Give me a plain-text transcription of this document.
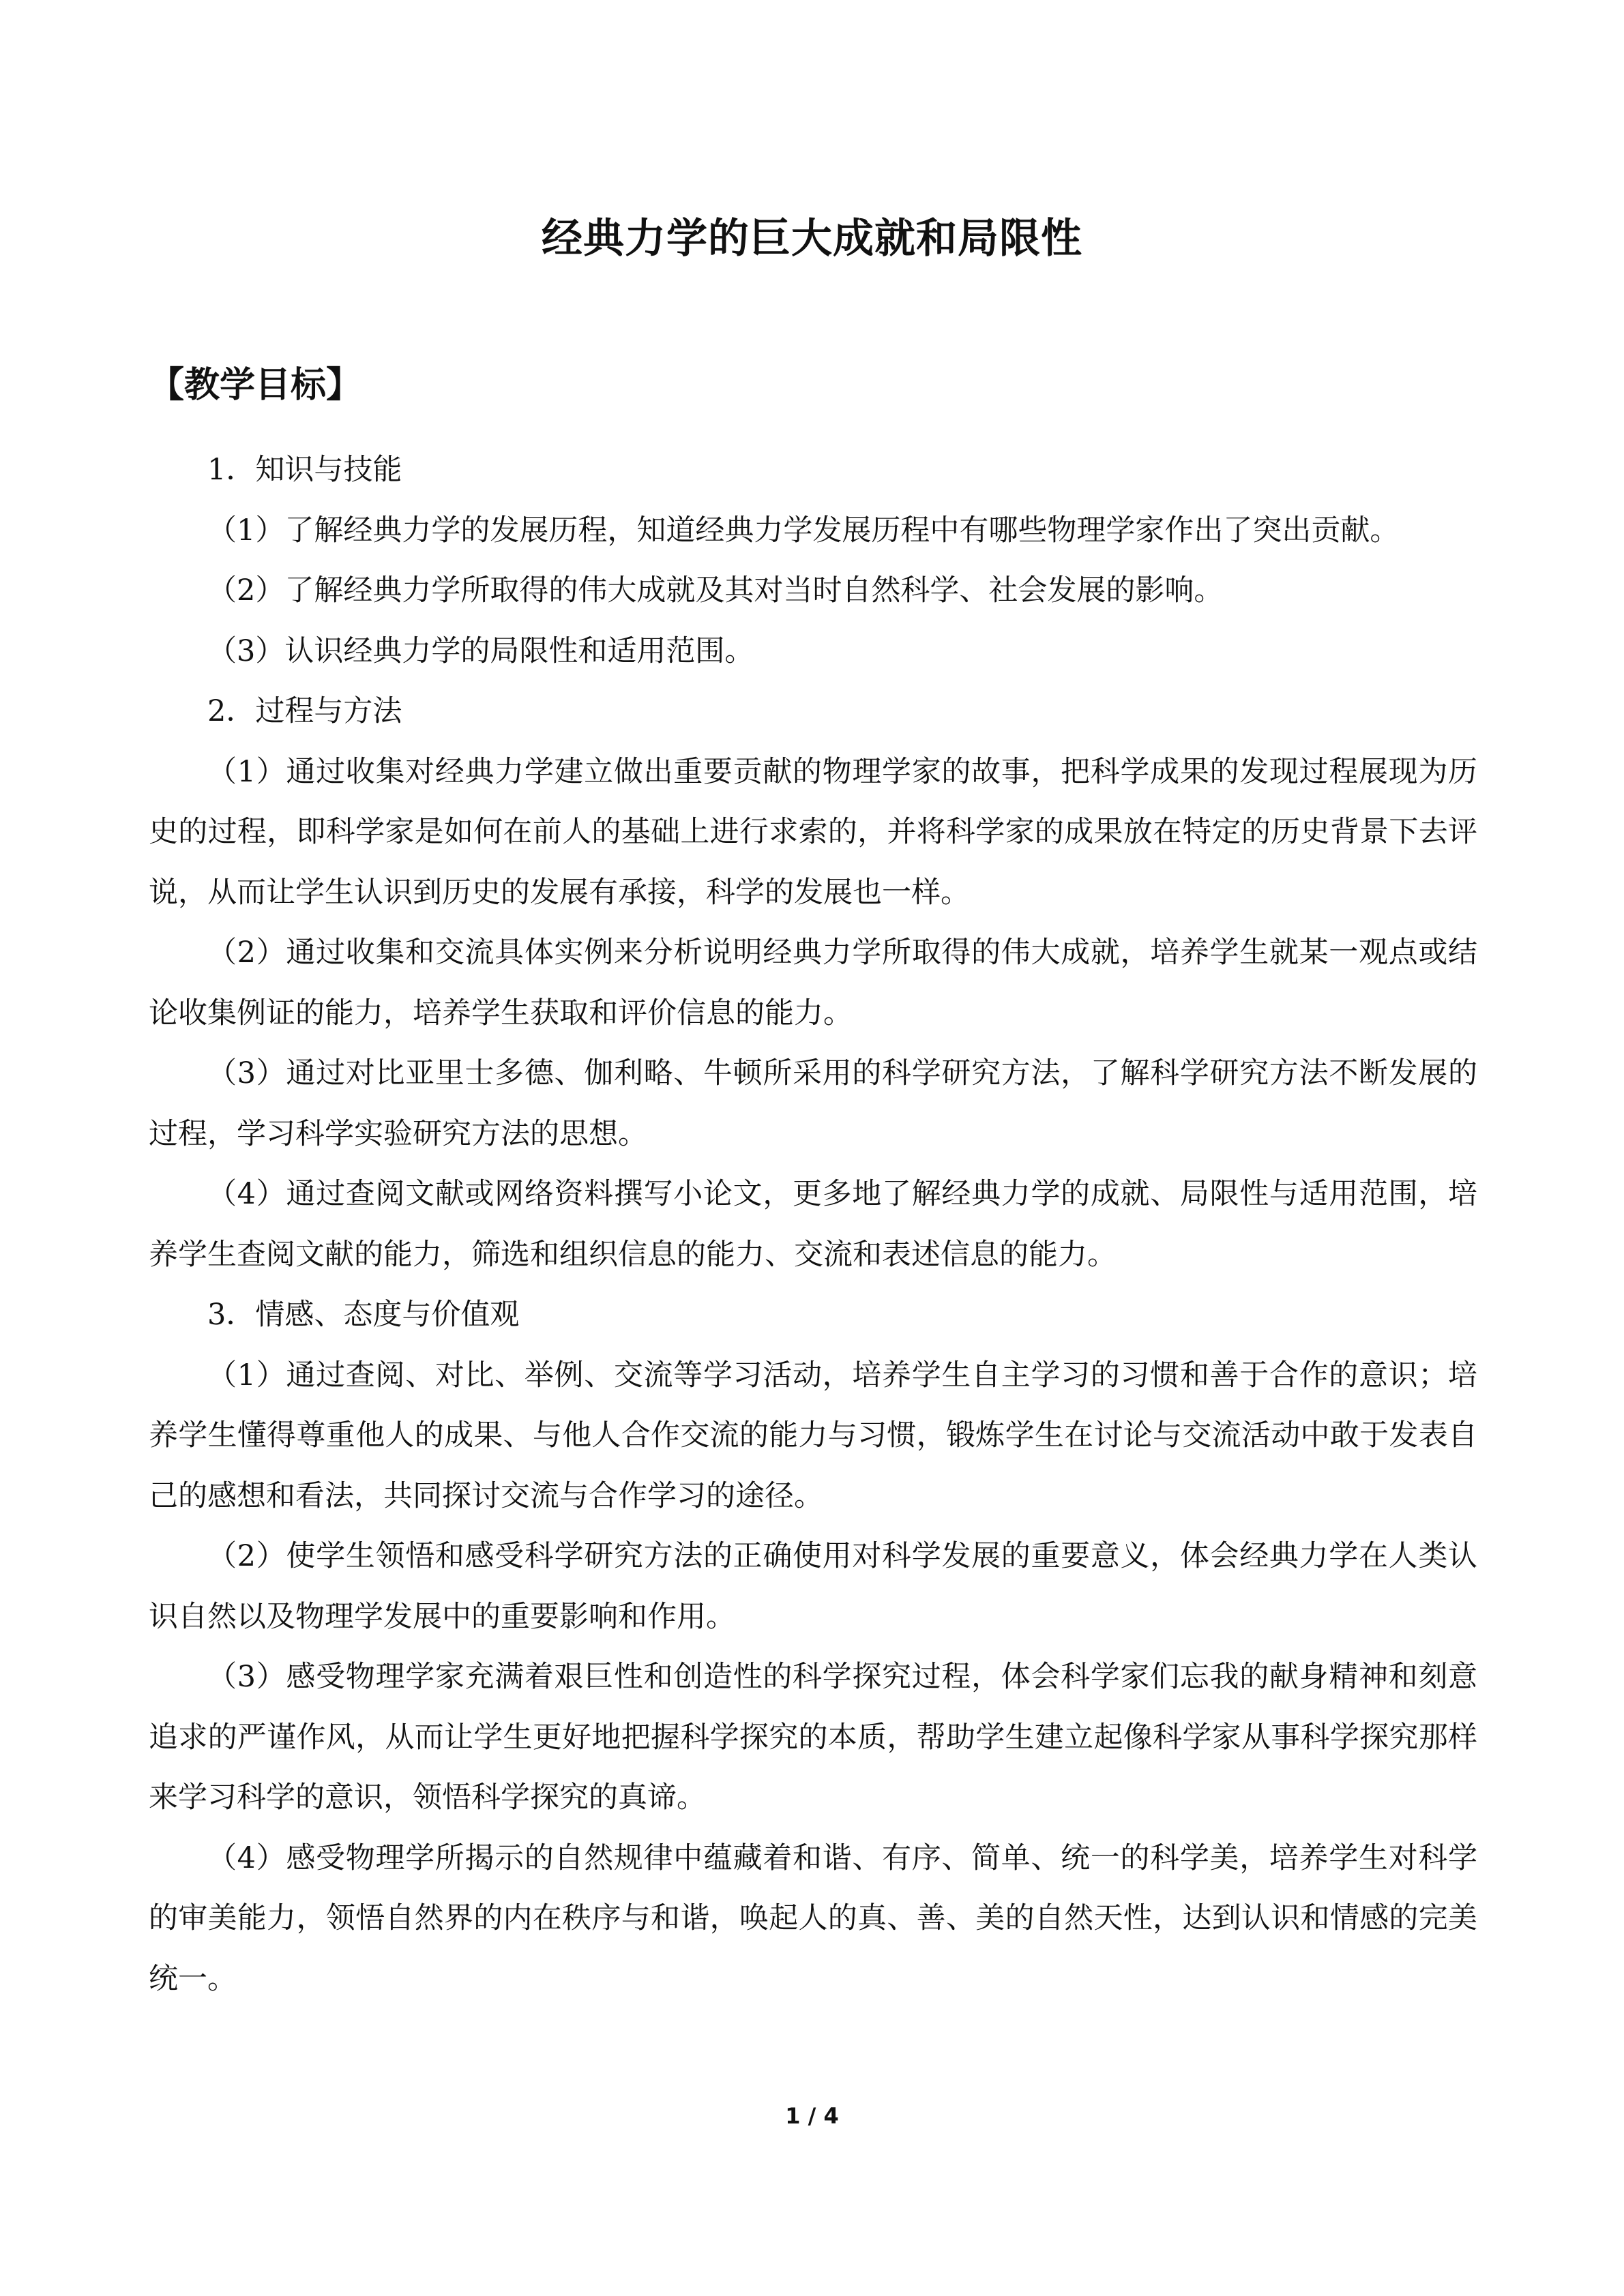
经典力学的巨大成就和局限性
【教学目标】

1．知识与技能

（1）了解经典力学的发展历程，知道经典力学发展历程中有哪些物理学家作出了突出贡献。

（2）了解经典力学所取得的伟大成就及其对当时自然科学、社会发展的影响。

（3）认识经典力学的局限性和适用范围。

2．过程与方法

（1）通过收集对经典力学建立做出重要贡献的物理学家的故事，把科学成果的发现过程展现为历史的过程，即科学家是如何在前人的基础上进行求索的，并将科学家的成果放在特定的历史背景下去评说，从而让学生认识到历史的发展有承接，科学的发展也一样。

（2）通过收集和交流具体实例来分析说明经典力学所取得的伟大成就，培养学生就某一观点或结论收集例证的能力，培养学生获取和评价信息的能力。

（3）通过对比亚里士多德、伽利略、牛顿所采用的科学研究方法，了解科学研究方法不断发展的过程，学习科学实验研究方法的思想。

（4）通过查阅文献或网络资料撰写小论文，更多地了解经典力学的成就、局限性与适用范围，培养学生查阅文献的能力，筛选和组织信息的能力、交流和表述信息的能力。

3．情感、态度与价值观

（1）通过查阅、对比、举例、交流等学习活动，培养学生自主学习的习惯和善于合作的意识；培养学生懂得尊重他人的成果、与他人合作交流的能力与习惯，锻炼学生在讨论与交流活动中敢于发表自己的感想和看法，共同探讨交流与合作学习的途径。

（2）使学生领悟和感受科学研究方法的正确使用对科学发展的重要意义，体会经典力学在人类认识自然以及物理学发展中的重要影响和作用。

（3）感受物理学家充满着艰巨性和创造性的科学探究过程，体会科学家们忘我的献身精神和刻意追求的严谨作风，从而让学生更好地把握科学探究的本质，帮助学生建立起像科学家从事科学探究那样来学习科学的意识，领悟科学探究的真谛。

（4）感受物理学所揭示的自然规律中蕴藏着和谐、有序、简单、统一的科学美，培养学生对科学的审美能力，领悟自然界的内在秩序与和谐，唤起人的真、善、美的自然天性，达到认识和情感的完美统一。

1 / 4
